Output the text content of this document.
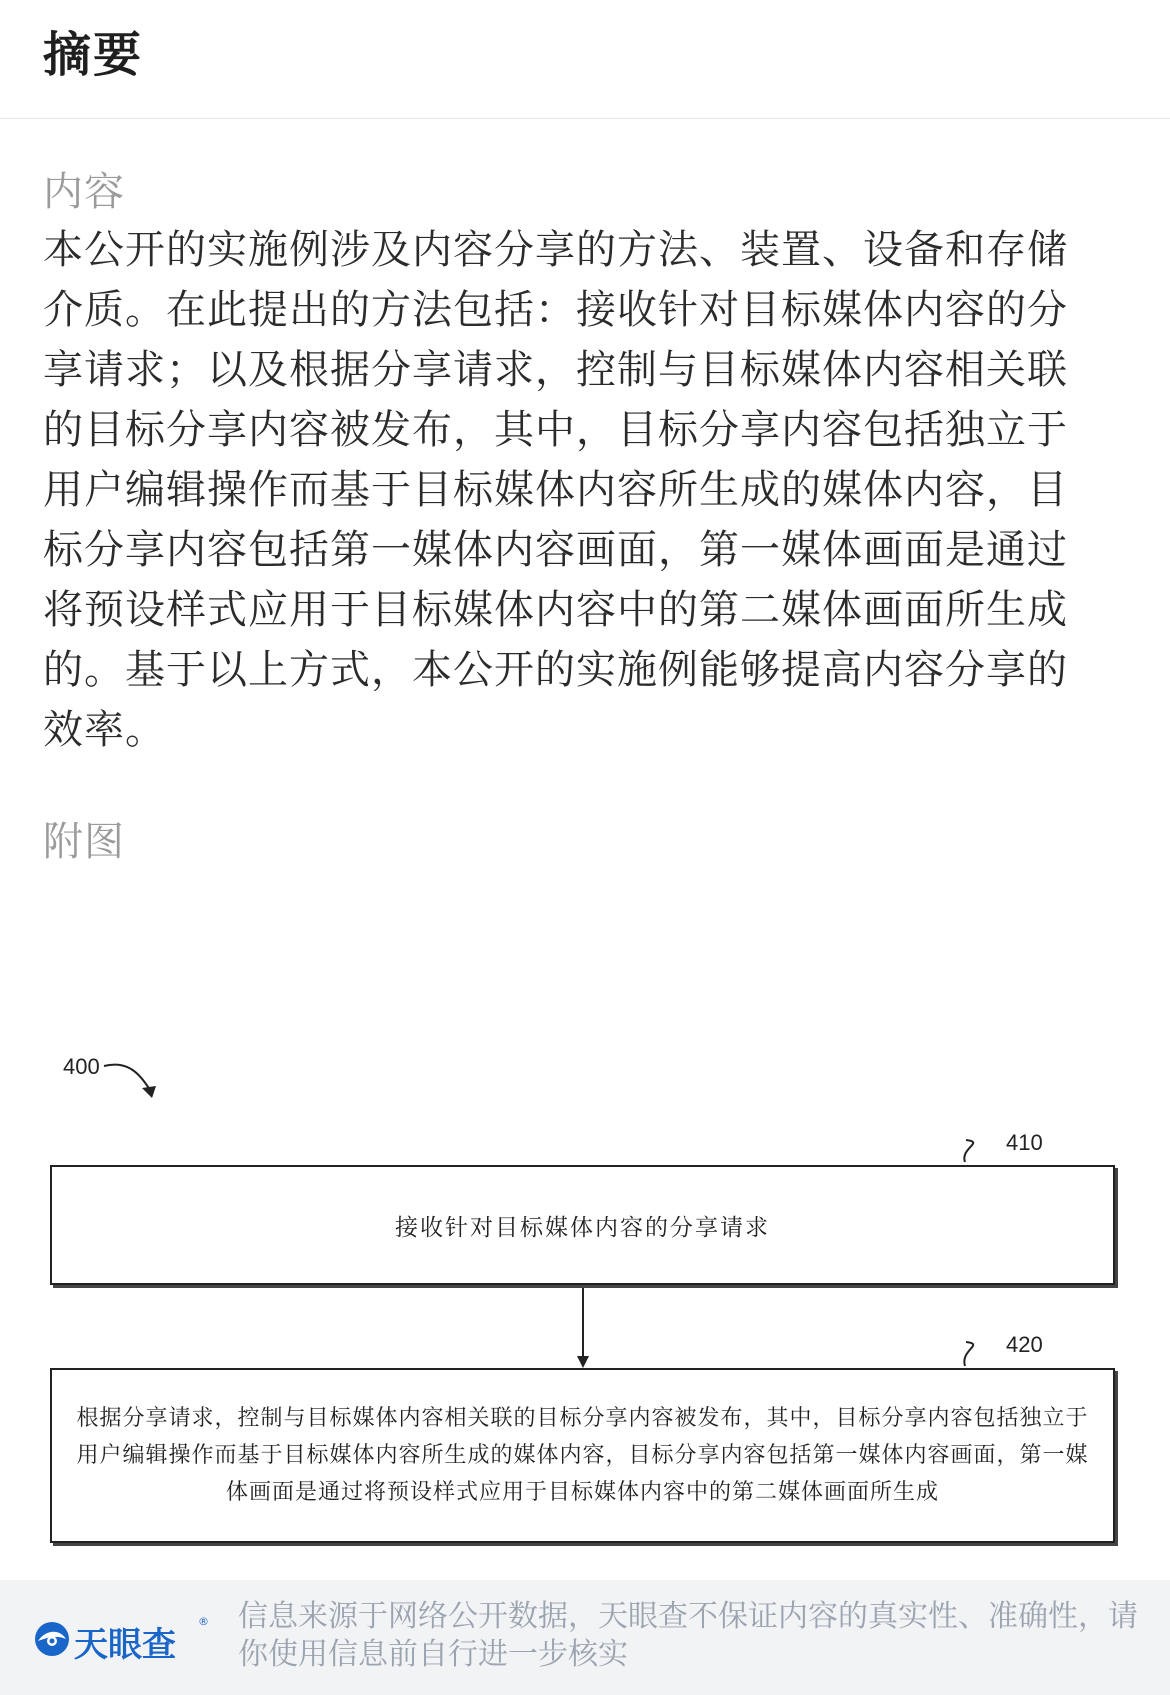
摘要
内容

本公开的实施例涉及内容分享的方法、装置、设备和存储介质。在此提出的方法包括：接收针对目标媒体内容的分享请求；以及根据分享请求，控制与目标媒体内容相关联的目标分享内容被发布，其中，目标分享内容包括独立于用户编辑操作而基于目标媒体内容所生成的媒体内容，目标分享内容包括第一媒体内容画面，第一媒体画面是通过将预设样式应用于目标媒体内容中的第二媒体画面所生成的。基于以上方式，本公开的实施例能够提高内容分享的效率。

附图
400
410
420
接收针对目标媒体内容的分享请求
根据分享请求，控制与目标媒体内容相关联的目标分享内容被发布，其中，目标分享内容包括独立于用户编辑操作而基于目标媒体内容所生成的媒体内容，目标分享内容包括第一媒体内容画面，第一媒体画面是通过将预设样式应用于目标媒体内容中的第二媒体画面所生成
天眼查
® 信息来源于网络公开数据，天眼查不保证内容的真实性、准确性，请你使用信息前自行进一步核实
